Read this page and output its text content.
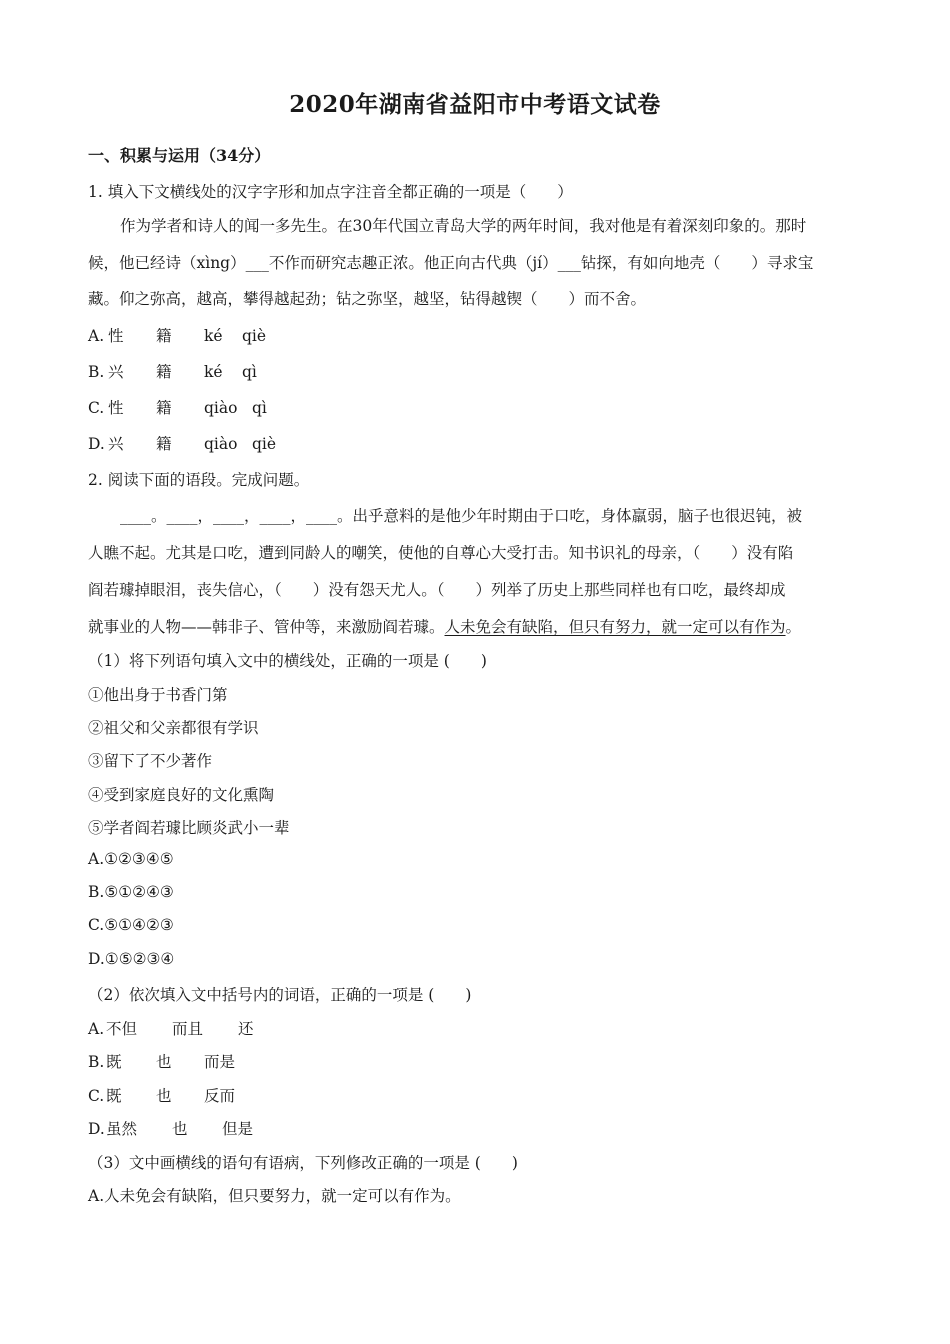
2020年湖南省益阳市中考语文试卷
一、积累与运用（34分）
1. 填入下文横线处的汉字字形和加点字注音全都正确的一项是（　　）
作为学者和诗人的闻一多先生。在30年代国立青岛大学的两年时间，我对他是有着深刻印象的。那时
候，他已经诗（xìng）___不作而研究志趣正浓。他正向古代典（jí）___钻探，有如向地壳（　　）寻求宝
藏。仰之弥高，越高，攀得越起劲；钻之弥坚，越坚，钻得越锲（　　）而不舍。
A. 性 籍 ké qiè
B. 兴 籍 ké qì
C. 性 籍 qiào qì
D. 兴 籍 qiào qiè
2. 阅读下面的语段。完成问题。
____。____，____，____，____。出乎意料的是他少年时期由于口吃，身体羸弱，脑子也很迟钝，被
人瞧不起。尤其是口吃，遭到同龄人的嘲笑，使他的自尊心大受打击。知书识礼的母亲，（　　）没有陷
阎若璩掉眼泪，丧失信心，（　　）没有怨天尤人。（　　）列举了历史上那些同样也有口吃，最终却成
就事业的人物——韩非子、管仲等，来激励阎若璩。人未免会有缺陷，但只有努力，就一定可以有作为。
（1）将下列语句填入文中的横线处，正确的一项是 (　　)
①他出身于书香门第
②祖父和父亲都很有学识
③留下了不少著作
④受到家庭良好的文化熏陶
⑤学者阎若璩比顾炎武小一辈
A.①②③④⑤
B.⑤①②④③
C.⑤①④②③
D.①⑤②③④
（2）依次填入文中括号内的词语，正确的一项是 (　　)
A. 不但 而且 还
B. 既 也 而是
C. 既 也 反而
D.虽然 也 但是
（3）文中画横线的语句有语病，下列修改正确的一项是 (　　)
A.人未免会有缺陷，但只要努力，就一定可以有作为。
